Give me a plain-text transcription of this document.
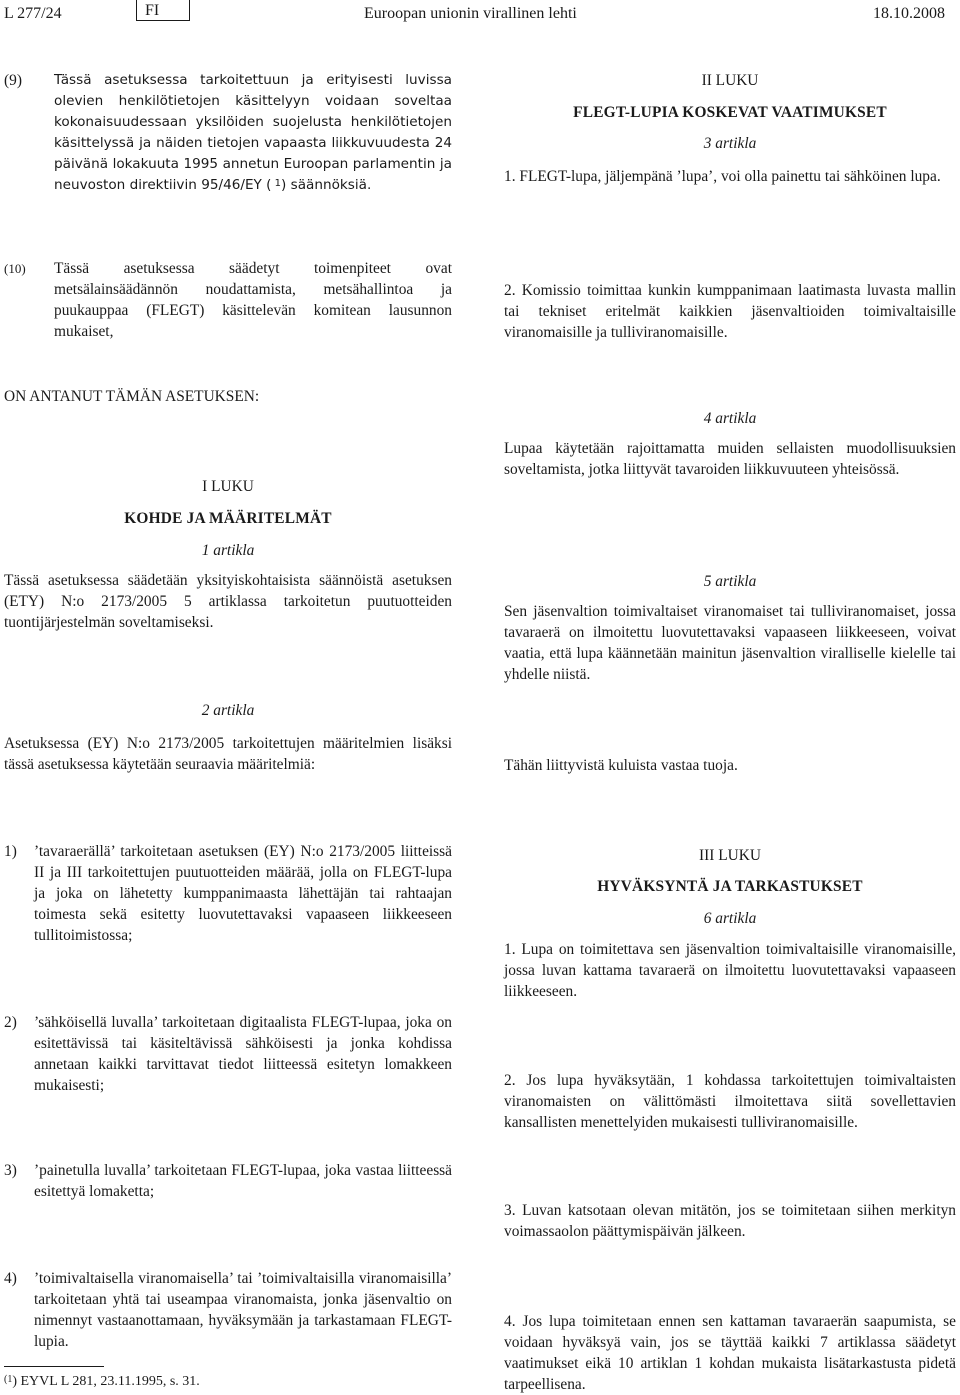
L 277/24	FI	Euroopan unionin virallinen lehti	18.10.2008
(9)	Tässä asetuksessa tarkoitettuun ja erityisesti luvissa olevien henkilötietojen käsittelyyn voidaan soveltaa kokonaisuudessaan yksilöiden suojelusta henkilötietojen käsittelyssä ja näiden tietojen vapaasta liikkuvuudesta 24 päivänä lokakuuta 1995 annetun Euroopan parlamentin ja neuvoston direktiivin 95/46/EY ( $^1$) säännöksiä.
(10)	Tässä asetuksessa säädetyt toimenpiteet ovat metsälainsäädännön noudattamista, metsähallintoa ja puukauppaa (FLEGT) käsittelevän komitean lausunnon mukaiset,
ON ANTANUT TÄMÄN ASETUKSEN:
I LUKU
KOHDE JA MÄÄRITELMÄT
1 artikla
Tässä asetuksessa säädetään yksityiskohtaisista säännöistä asetuksen (ETY) N:o 2173/2005 5 artiklassa tarkoitetun puutuotteiden tuontijärjestelmän soveltamiseksi.
2 artikla
Asetuksessa (EY) N:o 2173/2005 tarkoitettujen määritelmien lisäksi tässä asetuksessa käytetään seuraavia määritelmiä:
1)	’tavaraerällä’ tarkoitetaan asetuksen (EY) N:o 2173/2005 liitteissä II ja III tarkoitettujen puutuotteiden määrää, jolla on FLEGT-lupa ja joka on lähetetty kumppanimaasta lähettäjän tai rahtaajan toimesta sekä esitetty luovutettavaksi vapaaseen liikkeeseen tullitoimistossa;
2)	’sähköisellä luvalla’ tarkoitetaan digitaalista FLEGT-lupaa, joka on esitettävissä tai käsiteltävissä sähköisesti ja jonka kohdissa annetaan kaikki tarvittavat tiedot liitteessä esitetyn lomakkeen mukaisesti;
3)	’painetulla luvalla’ tarkoitetaan FLEGT-lupaa, joka vastaa liitteessä esitettyä lomaketta;
4)	’toimivaltaisella viranomaisella’ tai ’toimivaltaisilla viranomaisilla’ tarkoitetaan yhtä tai useampaa viranomaista, jonka jäsenvaltio on nimennyt vastaanottamaan, hyväksymään ja tarkastamaan FLEGT-lupia.
$^{(1}$) EYVL L 281, 23.11.1995, s. 31.
II LUKU
FLEGT-LUPIA KOSKEVAT VAATIMUKSET
3 artikla
1. FLEGT-lupa, jäljempänä ’lupa’, voi olla painettu tai sähköinen lupa.
2. Komissio toimittaa kunkin kumppanimaan laatimasta luvasta mallin tai tekniset eritelmät kaikkien jäsenvaltioiden toimivaltaisille viranomaisille ja tulliviranomaisille.
4 artikla
Lupaa käytetään rajoittamatta muiden sellaisten muodollisuuksien soveltamista, jotka liittyvät tavaroiden liikkuvuuteen yhteisössä.
5 artikla
Sen jäsenvaltion toimivaltaiset viranomaiset tai tulliviranomaiset, jossa tavaraerä on ilmoitettu luovutettavaksi vapaaseen liikkeeseen, voivat vaatia, että lupa käännetään mainitun jäsenvaltion viralliselle kielelle tai yhdelle niistä.
Tähän liittyvistä kuluista vastaa tuoja.
III LUKU
HYVÄKSYNTÄ JA TARKASTUKSET
6 artikla
1. Lupa on toimitettava sen jäsenvaltion toimivaltaisille viranomaisille, jossa luvan kattama tavaraerä on ilmoitettu luovutettavaksi vapaaseen liikkeeseen.
2. Jos lupa hyväksytään, 1 kohdassa tarkoitettujen toimivaltaisten viranomaisten on välittömästi ilmoitettava siitä sovellettavien kansallisten menettelyiden mukaisesti tulliviranomaisille.
3. Luvan katsotaan olevan mitätön, jos se toimitetaan siihen merkityn voimassaolon päättymispäivän jälkeen.
4. Jos lupa toimitetaan ennen sen kattaman tavaraerän saapumista, se voidaan hyväksyä vain, jos se täyttää kaikki 7 artiklassa säädetyt vaatimukset eikä 10 artiklan 1 kohdan mukaista lisätarkastusta pidetä tarpeellisena.
